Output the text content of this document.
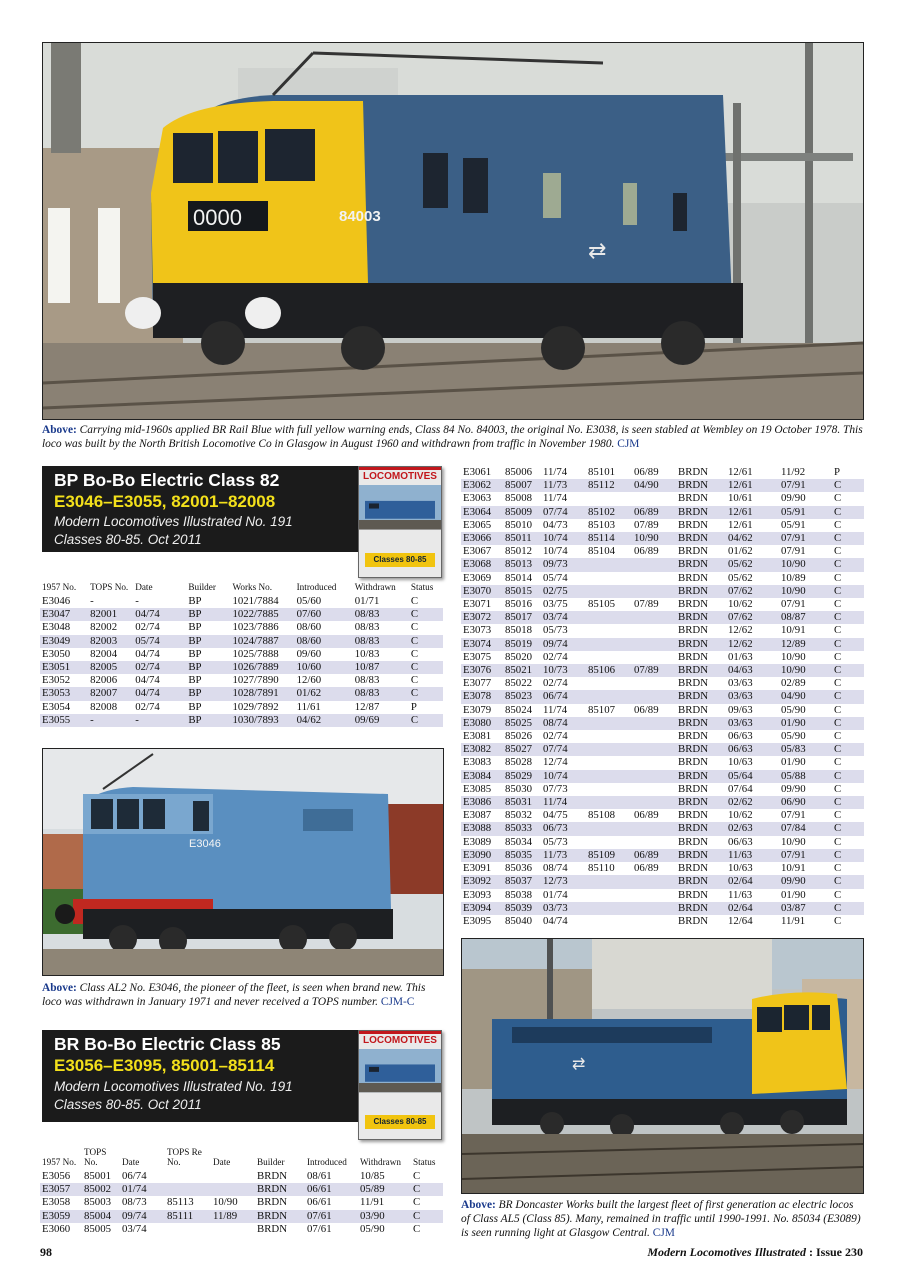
0000	84003
⇄
Above: Carrying mid-1960s applied BR Rail Blue with full yellow warning ends, Class 84 No. 84003, the original No. E3038, is seen stabled at Wembley on 19 October 1978. This loco was built by the North British Locomotive Co in Glasgow in August 1960 and withdrawn from traffic in November 1980. CJM
BP Bo-Bo Electric Class 82
E3046–E3055, 82001–82008
Modern Locomotives Illustrated No. 191
Classes 80-85. Oct 2011
LOCOMOTIVES
Classes 80-85
1957 No.	TOPS No.	Date	Builder	Works No.	Introduced	Withdrawn	Status
E3046	-	-	BP	1021/7884	05/60	01/71	C
E3047	82001	04/74	BP	1022/7885	07/60	08/83	C
E3048	82002	02/74	BP	1023/7886	08/60	08/83	C
E3049	82003	05/74	BP	1024/7887	08/60	08/83	C
E3050	82004	04/74	BP	1025/7888	09/60	10/83	C
E3051	82005	02/74	BP	1026/7889	10/60	10/87	C
E3052	82006	04/74	BP	1027/7890	12/60	08/83	C
E3053	82007	04/74	BP	1028/7891	01/62	08/83	C
E3054	82008	02/74	BP	1029/7892	11/61	12/87	P
E3055	-	-	BP	1030/7893	04/62	09/69	C
E3046
Above: Class AL2 No. E3046, the pioneer of the fleet, is seen when brand new. This loco was withdrawn in January 1971 and never received a TOPS number. CJM-C
BR Bo-Bo Electric Class 85
E3056–E3095, 85001–85114
Modern Locomotives Illustrated No. 191
Classes 80-85. Oct 2011
LOCOMOTIVES
Classes 80-85
1957 No.	TOPS No.	Date	TOPS Re No.	Date	Builder	Introduced	Withdrawn	Status
E3056	85001	06/74			BRDN	08/61	10/85	C
E3057	85002	01/74			BRDN	06/61	05/89	C
E3058	85003	08/73	85113	10/90	BRDN	06/61	11/91	C
E3059	85004	09/74	85111	11/89	BRDN	07/61	03/90	C
E3060	85005	03/74			BRDN	07/61	05/90	C
E3061	85006	11/74	85101	06/89	BRDN	12/61	11/92	P
E3062	85007	11/73	85112	04/90	BRDN	12/61	07/91	C
E3063	85008	11/74			BRDN	10/61	09/90	C
E3064	85009	07/74	85102	06/89	BRDN	12/61	05/91	C
E3065	85010	04/73	85103	07/89	BRDN	12/61	05/91	C
E3066	85011	10/74	85114	10/90	BRDN	04/62	07/91	C
E3067	85012	10/74	85104	06/89	BRDN	01/62	07/91	C
E3068	85013	09/73			BRDN	05/62	10/90	C
E3069	85014	05/74			BRDN	05/62	10/89	C
E3070	85015	02/75			BRDN	07/62	10/90	C
E3071	85016	03/75	85105	07/89	BRDN	10/62	07/91	C
E3072	85017	03/74			BRDN	07/62	08/87	C
E3073	85018	05/73			BRDN	12/62	10/91	C
E3074	85019	09/74			BRDN	12/62	12/89	C
E3075	85020	02/74			BRDN	01/63	10/90	C
E3076	85021	10/73	85106	07/89	BRDN	04/63	10/90	C
E3077	85022	02/74			BRDN	03/63	02/89	C
E3078	85023	06/74			BRDN	03/63	04/90	C
E3079	85024	11/74	85107	06/89	BRDN	09/63	05/90	C
E3080	85025	08/74			BRDN	03/63	01/90	C
E3081	85026	02/74			BRDN	06/63	05/90	C
E3082	85027	07/74			BRDN	06/63	05/83	C
E3083	85028	12/74			BRDN	10/63	01/90	C
E3084	85029	10/74			BRDN	05/64	05/88	C
E3085	85030	07/73			BRDN	07/64	09/90	C
E3086	85031	11/74			BRDN	02/62	06/90	C
E3087	85032	04/75	85108	06/89	BRDN	10/62	07/91	C
E3088	85033	06/73			BRDN	02/63	07/84	C
E3089	85034	05/73			BRDN	06/63	10/90	C
E3090	85035	11/73	85109	06/89	BRDN	11/63	07/91	C
E3091	85036	08/74	85110	06/89	BRDN	10/63	10/91	C
E3092	85037	12/73			BRDN	02/64	09/90	C
E3093	85038	01/74			BRDN	11/63	01/90	C
E3094	85039	03/73			BRDN	02/64	03/87	C
E3095	85040	04/74			BRDN	12/64	11/91	C
⇄
Above: BR Doncaster Works built the largest fleet of first generation ac electric locos of Class AL5 (Class 85). Many, remained in traffic until 1990-1991. No. 85034 (E3089) is seen running light at Glasgow Central. CJM
98	Modern Locomotives Illustrated : Issue 230
